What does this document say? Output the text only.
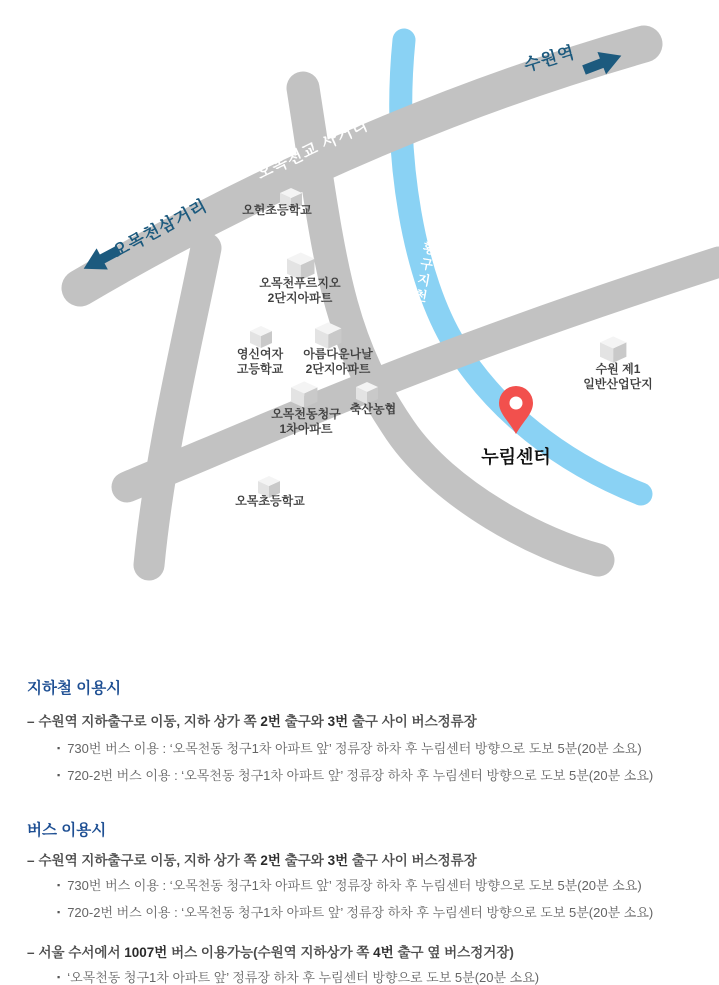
오목천삼거리
오목천교 사거리
수원역
황구지천
오헌초등학교
오목천푸르지오
2단지아파트
영신여자
고등학교
아름다운나날
2단지아파트
오목천동청구
1차아파트
축산농협
오목초등학교
수원 제1
일반산업단지
누림센터
지하철 이용시
– 수원역 지하출구로 이동, 지하 상가 쪽 2번 출구와 3번 출구 사이 버스정류장
▪ 730번 버스 이용 : ‘오목천동 청구1차 아파트 앞’ 정류장 하차 후 누림센터 방향으로 도보 5분(20분 소요)
▪ 720-2번 버스 이용 : ‘오목천동 청구1차 아파트 앞’ 정류장 하차 후 누림센터 방향으로 도보 5분(20분 소요)
버스 이용시
– 수원역 지하출구로 이동, 지하 상가 쪽 2번 출구와 3번 출구 사이 버스정류장
▪ 730번 버스 이용 : ‘오목천동 청구1차 아파트 앞’ 정류장 하차 후 누림센터 방향으로 도보 5분(20분 소요)
▪ 720-2번 버스 이용 : ‘오목천동 청구1차 아파트 앞’ 정류장 하차 후 누림센터 방향으로 도보 5분(20분 소요)
– 서울 수서에서 1007번 버스 이용가능(수원역 지하상가 쪽 4번 출구 옆 버스정거장)
▪ ‘오목천동 청구1차 아파트 앞’ 정류장 하차 후 누림센터 방향으로 도보 5분(20분 소요)
